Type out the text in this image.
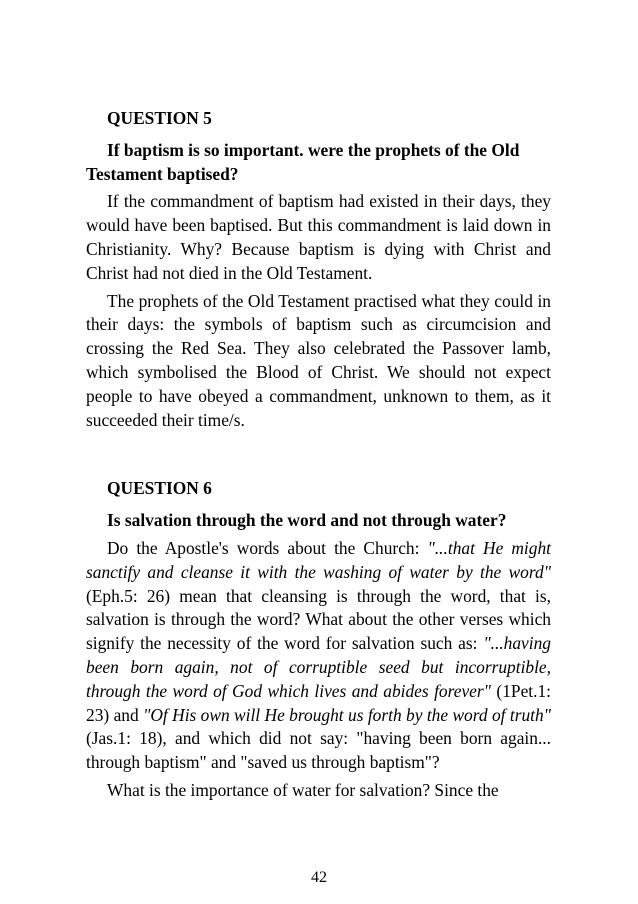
QUESTION 5

If baptism is so important. were the prophets of the Old Testament baptised?

If the commandment of baptism had existed in their days, they would have been baptised. But this commandment is laid down in Christianity. Why? Because baptism is dying with Christ and Christ had not died in the Old Testament.

The prophets of the Old Testament practised what they could in their days: the symbols of baptism such as circumcision and crossing the Red Sea. They also celebrated the Passover lamb, which symbolised the Blood of Christ. We should not expect people to have obeyed a commandment, unknown to them, as it succeeded their time/s.

QUESTION 6

Is salvation through the word and not through water?

Do the Apostle's words about the Church: "...that He might sanctify and cleanse it with the washing of water by the word" (Eph.5: 26) mean that cleansing is through the word, that is, salvation is through the word? What about the other verses which signify the necessity of the word for salvation such as: "...having been born again, not of corruptible seed but incorruptible, through the word of God which lives and abides forever" (1Pet.1: 23) and "Of His own will He brought us forth by the word of truth" (Jas.1: 18), and which did not say: "having been born again... through baptism" and "saved us through baptism"?

What is the importance of water for salvation? Since the

42
